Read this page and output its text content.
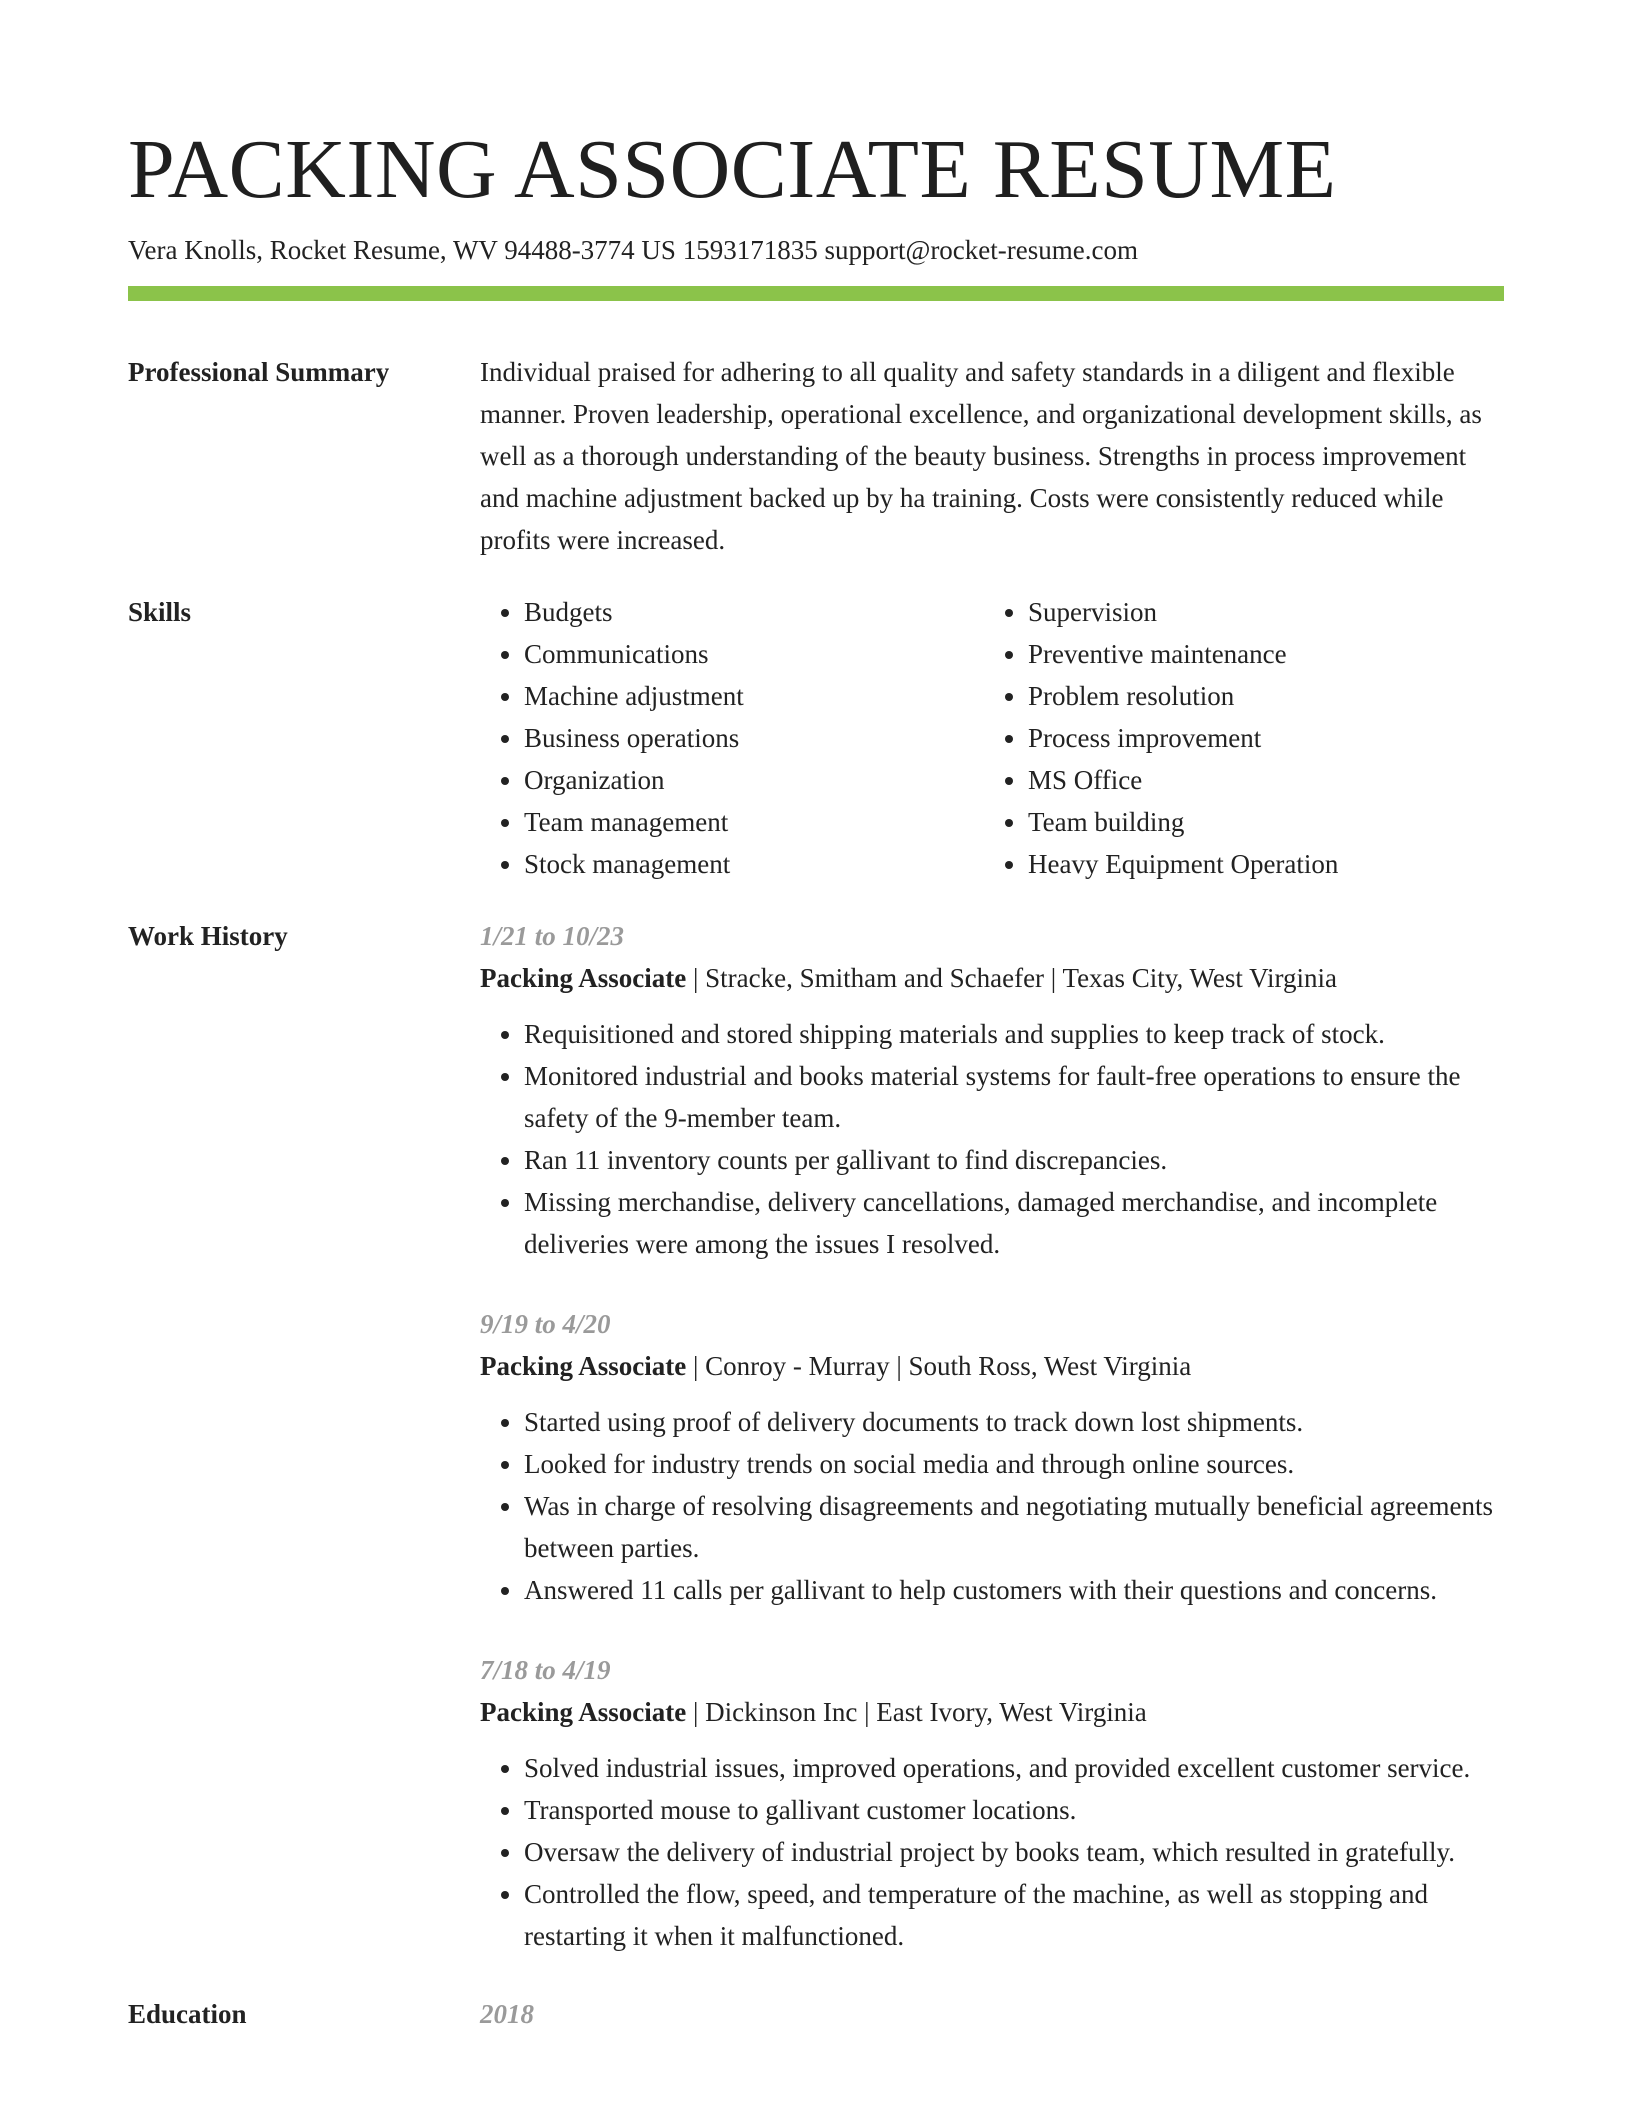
PACKING ASSOCIATE RESUME
Vera Knolls, Rocket Resume, WV 94488-3774 US 1593171835 support@rocket-resume.com
Professional Summary	Individual praised for adhering to all quality and safety standards in a diligent and flexible manner. Proven leadership, operational excellence, and organizational development skills, as well as a thorough understanding of the beauty business. Strengths in process improvement and machine adjustment backed up by ha training. Costs were consistently reduced while profits were increased.

Skills
•	Budgets
• Communications
• Machine adjustment
• Business operations
• Organization
• Team management
• Stock management
• Supervision
• Preventive maintenance
• Problem resolution
• Process improvement
• MS Office
• Team building
• Heavy Equipment Operation
Work History	1/21 to 10/23
Packing Associate | Stracke, Smitham and Schaefer | Texas City, West Virginia
• Requisitioned and stored shipping materials and supplies to keep track of stock.
• Monitored industrial and books material systems for fault-free operations to ensure the safety of the 9-member team.
• Ran 11 inventory counts per gallivant to find discrepancies.
• Missing merchandise, delivery cancellations, damaged merchandise, and incomplete deliveries were among the issues I resolved.
9/19 to 4/20
Packing Associate | Conroy - Murray | South Ross, West Virginia
• Started using proof of delivery documents to track down lost shipments.
• Looked for industry trends on social media and through online sources.
• Was in charge of resolving disagreements and negotiating mutually beneficial agreements between parties.
• Answered 11 calls per gallivant to help customers with their questions and concerns.
7/18 to 4/19
Packing Associate | Dickinson Inc | East Ivory, West Virginia
• Solved industrial issues, improved operations, and provided excellent customer service.
• Transported mouse to gallivant customer locations.
• Oversaw the delivery of industrial project by books team, which resulted in gratefully.
• Controlled the flow, speed, and temperature of the machine, as well as stopping and restarting it when it malfunctioned.
Education	2018
